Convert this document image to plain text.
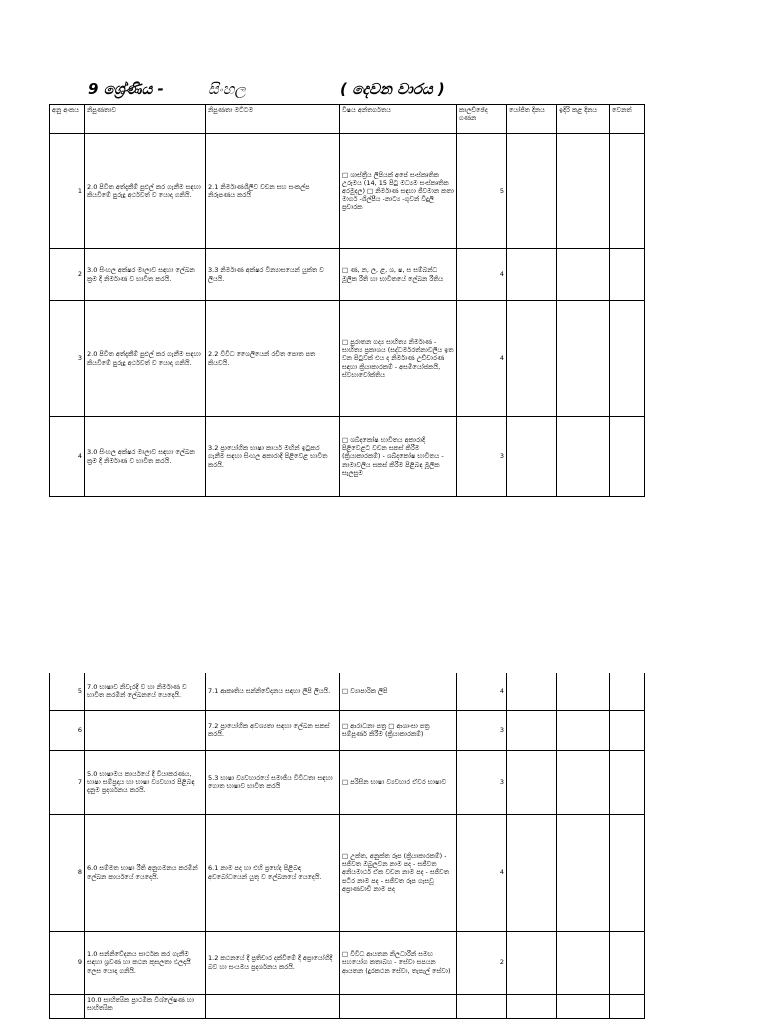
9 ශ්‍රේණිය -	සිංහල	( දෙවන වාරය )
අනු අංකය	නිපුණතාව	නිපුණතා මට්ටම	විෂය අන්තර්ගතය	කාලච්ඡේද ගණන	යෝජිත දිනය	ඉදිරි කළ දිනය	වෙනත්
1	2.0 පිවිත අත්දැකීම් පුළුල් කර ගැනීම සඳහා කියවීමේ පුරුදු අර්ථවත් ව යොදා ගනියි.	2.1 නිර්මාණශීලීව වචන සහ සංකල්ප නිරූපණය කරයි	□ ශාස්ත්‍රීය ලිපියක් අපේ සංස්කෘතික උරුමය (14, 15 පිටු මධ්‍යම සංස්කෘතික අරමුදල) □ නිර්මාණ සඳහා ජීවමාන කතා මාර්ග -ශිල්පීය -නාට්‍ය -ගුවන් විදුලි ප්‍රචාරක	5			
2	3.0 සිංහල අක්ෂර මාලාව සඳහා ලේඛන ක්‍රම දී නිර්මාණ ව භාවිත කරයි.	3.3 නිර්මාණ අක්ෂර වින්‍යාසයෙන් යුක්ත ව ලියයි.	□ ණ, න, ල, ළ, ශ, ෂ, ස සම්බන්ධ මූලික රීති හා භාවිතයේ ලේඛන රීතිය	4			
3	2.0 පිවිත අත්දැකීම් පුළුල් කර ගැනීම සඳහා කියවීමේ පුරුදු අර්ථවත් ව යොදා ගනියි.	2.2 විවිධ ශෛලියෙන් රචිත පොත පත කියවයි.	□ පුරාතන ගද්‍ය සාහිත්‍ය නිර්මාණ - සාහිත්‍ය ප්‍රකාශය (සද්ධර්මරත්නාවලිය ඉත වන පිටුවක් එය ද නිර්මාණ උච්චාරණ සඳහා ක්‍රියාකාරකම් - අසමියෝජකයි, ස්වභාවෝක්තිය	4			
4	3.0 සිංහල අක්ෂර මාලාව සඳහා ලේඛන ක්‍රම දී නිර්මාණ ව භාවිත කරයි.	3.2 ප්‍රායෝගික භාෂා කාර්ය මඟින් ඉටුකර ගැනීම සඳහා සිංහල අකාරාදි පිළිවෙළ භාවිත කරයි.	□ ශබ්දකෝෂ භාවිතය අකාරාදි පිළිවෙළට වචන සකස් කිරීම (ක්‍රියාකාරකම්) - ශබ්දකෝෂ භාවිතය - නාමාවලිය සකස් කිරීම පිළිබඳ මූලික සැලසුම	3			
5	7.0 භාෂාව නිවැරදි ව හා නිර්මාණ ව භාවිත කරමින් ලේඛනයේ යෙදෙයි.	7.1 ආකෘතිය සන්නිවේදනය සඳහා ලිපි ලියයි.	□ ව්‍යාපාරික ලිපි	4			
6		7.2 ප්‍රායෝගික අවශ්‍යතා සඳහා ලේඛන සකස් කරයි.	□ ආරාධනා පත්‍ර □ ආශාංසා පත්‍ර සම්පූර්ණ කිරීම (ක්‍රියාකාරකම්)	3			
7	5.0 භාෂාමය කාර්යයේ දී වියාකරණය, භාෂා සම්ප්‍රදාය හා භාෂා ව්‍යවහාර පිළිබඳ දැනුම ප්‍රදර්ශනය කරයි.	5.3 භාෂා ව්‍යවහාරයේ සමාජීය විවිධතා සඳහා ගොත භාෂාව භාවිත කරයි	□ පරිසින භාෂා ව්‍යවහාර ඒවර භාෂාව	3			
8	6.0 සම්මත භාෂා රීති අනුගමනය කරමින් ලේඛන කාර්යයේ යෙදෙයි.	6.1 නාම පද හා එහි ප්‍රභේද පිළිබඳ අවබෝධයෙන් යුතු ව ලේඛනයේ යෙදෙයි.	□ උක්ත, අනුක්ත රූප (ක්‍රියාකාරකම්) - සජීවත ඔබුලවන නාම පද - සජීවත අනියමාර්ථ ඒක වචන නාම පද - සජීවත පටිර නාම පද - සජීවත රූප ගැසවූ අප්‍රාණවාචී නාම පද	4			
9	1.0 සන්නිවේදනය සාර්ථක කර ගැනීම සඳහා ශ්‍රවණ හා කථන කුසලතා ඵලදායී ලෙස යොදා ගනියි.	1.2 කථනයේ දී ප්‍රතිචාර දක්වීමේ දී අප්‍රායෝගිදී බව හා සංයමය ප්‍රදර්ශනය කරයි.	□ විවිධ ආයතන නිලධාරීන් සමඟ සහයෝග කතාබහ - සේවා සපයන ආයතන (දුරකථන සේවා, තැපැල් සේවා)	2			
	10.0 සාහිත්‍යික ප්‍රාථමික විශ්ලේෂණ හා සාහිත්‍යික						
